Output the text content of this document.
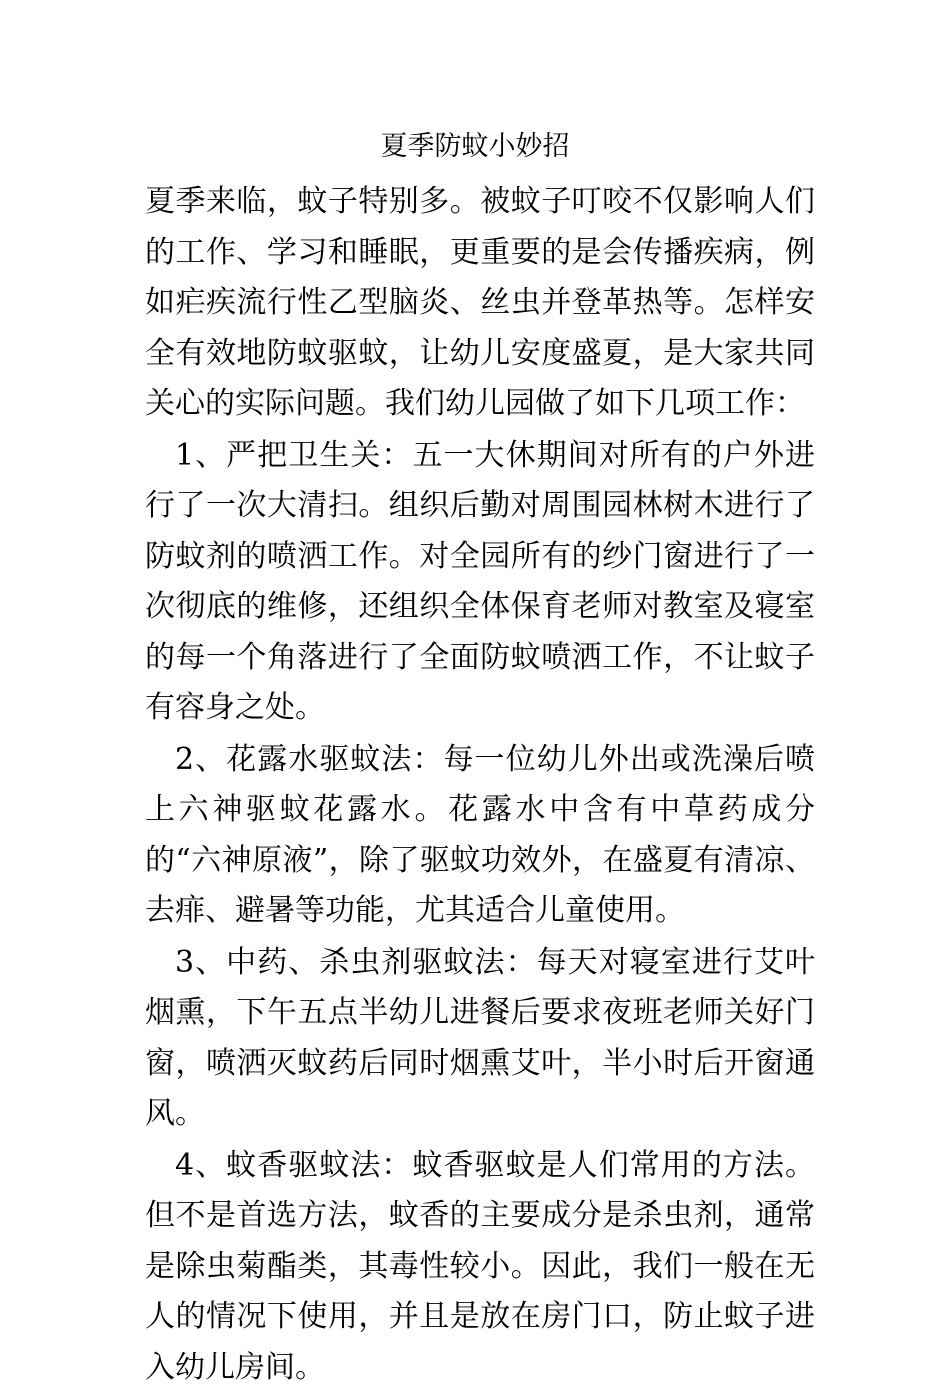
夏季防蚊小妙招

夏季来临，蚊子特别多。被蚊子叮咬不仅影响人们的工作、学习和睡眠，更重要的是会传播疾病，例如疟疾流行性乙型脑炎、丝虫并登革热等。怎样安全有效地防蚊驱蚊，让幼儿安度盛夏，是大家共同关心的实际问题。我们幼儿园做了如下几项工作：

1、严把卫生关：五一大休期间对所有的户外进行了一次大清扫。组织后勤对周围园林树木进行了防蚊剂的喷洒工作。对全园所有的纱门窗进行了一次彻底的维修，还组织全体保育老师对教室及寝室的每一个角落进行了全面防蚊喷洒工作，不让蚊子有容身之处。

2、花露水驱蚊法：每一位幼儿外出或洗澡后喷上六神驱蚊花露水。花露水中含有中草药成分的“六神原液”，除了驱蚊功效外，在盛夏有清凉、去痱、避暑等功能，尤其适合儿童使用。

3、中药、杀虫剂驱蚊法：每天对寝室进行艾叶烟熏，下午五点半幼儿进餐后要求夜班老师关好门窗，喷洒灭蚊药后同时烟熏艾叶，半小时后开窗通风。

4、蚊香驱蚊法：蚊香驱蚊是人们常用的方法。但不是首选方法，蚊香的主要成分是杀虫剂，通常是除虫菊酯类，其毒性较小。因此，我们一般在无人的情况下使用，并且是放在房门口，防止蚊子进入幼儿房间。
